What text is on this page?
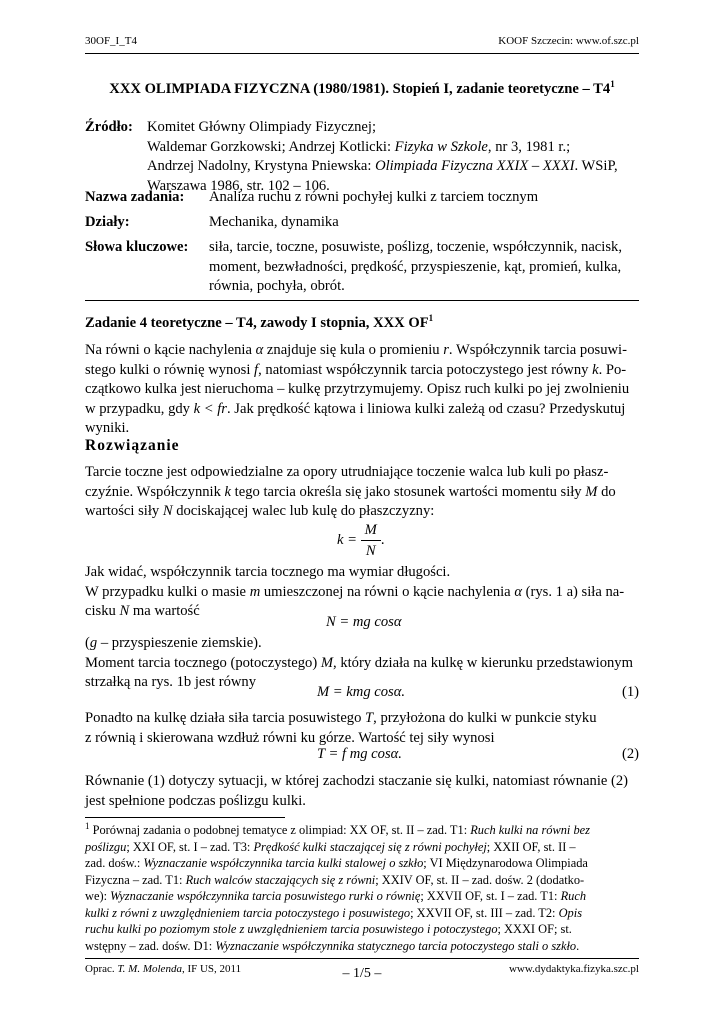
30OF_I_T4	KOOF Szczecin: www.of.szc.pl
XXX OLIMPIADA FIZYCZNA (1980/1981). Stopień I, zadanie teoretyczne – $T4^1$
Źródło: Komitet Główny Olimpiady Fizycznej;
Waldemar Gorzkowski; Andrzej Kotlicki: Fizyka w Szkole, nr 3, 1981 r.;
Andrzej Nadolny, Krystyna Pniewska: Olimpiada Fizyczna XXIX – XXXI. WSiP,
Warszawa 1986, str. 102 – 106.
Nazwa zadania: Analiza ruchu z równi pochyłej kulki z tarciem tocznym
Działy:	Mechanika, dynamika
Słowa kluczowe: siła, tarcie, toczne, posuwiste, poślizg, toczenie, współczynnik, nacisk,
moment, bezwładności, prędkość, przyspieszenie, kąt, promień, kulka,
równia, pochyła, obrót.
Zadanie 4 teoretyczne – T4, zawody I stopnia, XXX $OF^1$
Na równi o kącie nachylenia α znajduje się kula o promieniu r. Współczynnik tarcia posuwi-
stego kulki o równię wynosi f, natomiast współczynnik tarcia potoczystego jest równy k. Po-
czątkowo kulka jest nieruchoma – kulkę przytrzymujemy. Opisz ruch kulki po jej zwolnieniu
w przypadku, gdy k < fr. Jak prędkość kątowa i liniowa kulki zależą od czasu? Przedyskutuj
wyniki.
Rozwiązanie
Tarcie toczne jest odpowiedzialne za opory utrudniające toczenie walca lub kuli po płasz-
czyźnie. Współczynnik k tego tarcia określa się jako stosunek wartości momentu siły M do
wartości siły N dociskającej walec lub kulę do płaszczyzny:
$k = \frac{M}{N}$ .
Jak widać, współczynnik tarcia tocznego ma wymiar długości.
W przypadku kulki o masie m umieszczonej na równi o kącie nachylenia α (rys. 1 a) siła na-
cisku N ma wartość
N = mg cosα
(g – przyspieszenie ziemskie).
Moment tarcia tocznego (potoczystego) M, który działa na kulkę w kierunku przedstawionym
strzałką na rys. 1b jest równy
M = kmg cosα.	(1)
Ponadto na kulkę działa siła tarcia posuwistego T, przyłożona do kulki w punkcie styku
z równią i skierowana wzdłuż równi ku górze. Wartość tej siły wynosi
T = f mg cosα.	(2)
Równanie (1) dotyczy sytuacji, w której zachodzi staczanie się kulki, natomiast równanie (2)
jest spełnione podczas poślizgu kulki.
$^1$ Porównaj zadania o podobnej tematyce z olimpiad: XX OF, st. II – zad. T1: Ruch kulki na równi bez
poślizgu; XXI OF, st. I – zad. T3: Prędkość kulki staczającej się z równi pochyłej; XXII OF, st. II –
zad. dośw.: Wyznaczanie współczynnika tarcia kulki stalowej o szkło; VI Międzynarodowa Olimpiada
Fizyczna – zad. T1: Ruch walców staczających się z równi; XXIV OF, st. II – zad. dośw. 2 (dodatko-
we): Wyznaczanie współczynnika tarcia posuwistego rurki o równię; XXVII OF, st. I – zad. T1: Ruch
kulki z równi z uwzględnieniem tarcia potoczystego i posuwistego; XXVII OF, st. III – zad. T2: Opis
ruchu kulki po poziomym stole z uwzględnieniem tarcia posuwistego i potoczystego; XXXI OF; st.
wstępny – zad. dośw. D1: Wyznaczanie współczynnika statycznego tarcia potoczystego stali o szkło.
Oprac. T. M. Molenda, IF US, 2011	– 1/5 –	www.dydaktyka.fizyka.szc.pl
